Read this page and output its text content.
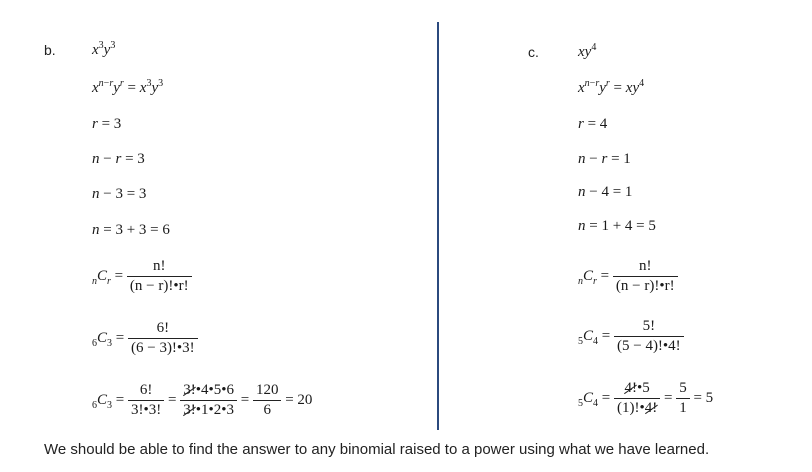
b. $x^3y^3$
$x^{n-r}y^r = x^3y^3$
r = 3
n − r = 3
n − 3 = 3
n = 3 + 3 = 6
$_nC_r = \frac{n!}{(n - r)!•r!}$
$_6C_3 = \frac{6!}{(6 - 3)!•3!}$
$_6C_3 = \frac{6!}{3!•3!} = \frac{3!•4•5•6}{3!•1•2•3} = \frac{120}{6} = 20$
c.	$xy^4$
$x^{n-r}y^r = xy^4$
r = 4
n − r = 1
n − 4 = 1
n = 1 + 4 = 5
$_nC_r = \frac{n!}{(n - r)!•r!}$
$_5C_4 = \frac{5!}{(5 - 4)!•4!}$
$_5C_4 = \frac{4!•5}{(1)!•4!} = \frac{5}{1} = 5$
We should be able to find the answer to any binomial raised to a power using what we have learned.
